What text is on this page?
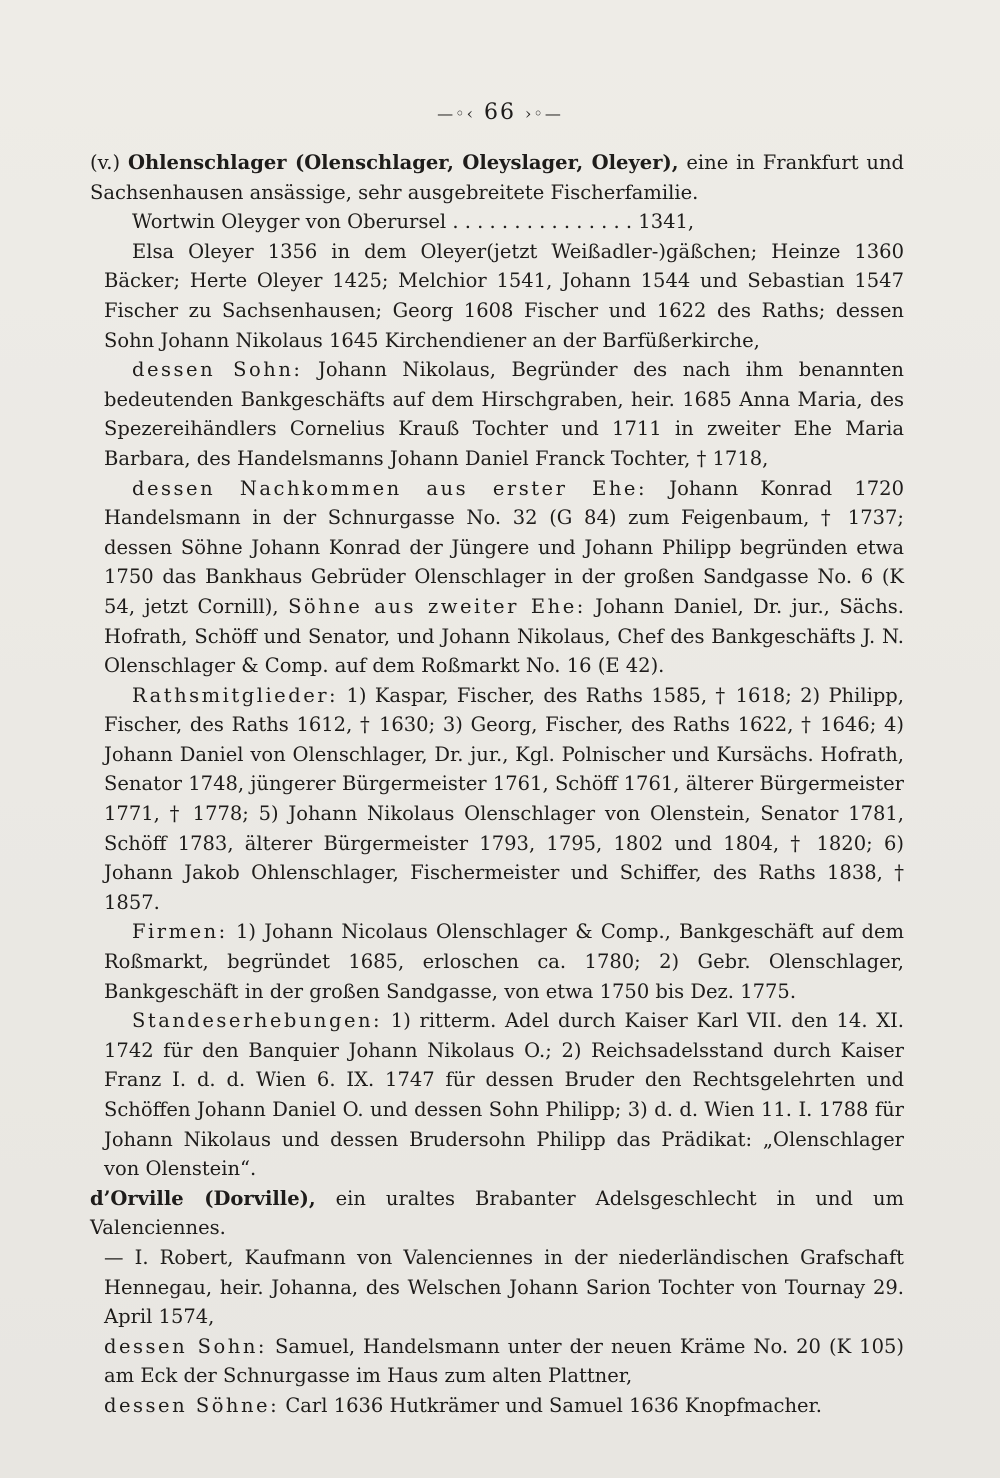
—◦‹ 66 ›◦—

(v.) Ohlenschlager (Olenschlager, Oleyslager, Oleyer), eine in Frankfurt und Sachsenhausen ansässige, sehr ausgebreitete Fischerfamilie.

Wortwin Oleyger von Oberursel . . . . . . . . . . . . . . . 1341,

Elsa Oleyer 1356 in dem Oleyer(jetzt Weißadler-)gäßchen; Heinze 1360 Bäcker; Herte Oleyer 1425; Melchior 1541, Johann 1544 und Sebastian 1547 Fischer zu Sachsenhausen; Georg 1608 Fischer und 1622 des Raths; dessen Sohn Johann Nikolaus 1645 Kirchendiener an der Barfüßerkirche,

dessen Sohn: Johann Nikolaus, Begründer des nach ihm benannten bedeutenden Bankgeschäfts auf dem Hirschgraben, heir. 1685 Anna Maria, des Spezereihändlers Cornelius Krauß Tochter und 1711 in zweiter Ehe Maria Barbara, des Handelsmanns Johann Daniel Franck Tochter, † 1718,

dessen Nachkommen aus erster Ehe: Johann Konrad 1720 Handelsmann in der Schnurgasse No. 32 (G 84) zum Feigenbaum, † 1737; dessen Söhne Johann Konrad der Jüngere und Johann Philipp begründen etwa 1750 das Bankhaus Gebrüder Olenschlager in der großen Sandgasse No. 6 (K 54, jetzt Cornill), Söhne aus zweiter Ehe: Johann Daniel, Dr. jur., Sächs. Hofrath, Schöff und Senator, und Johann Nikolaus, Chef des Bankgeschäfts J. N. Olenschlager & Comp. auf dem Roßmarkt No. 16 (E 42).

Rathsmitglieder: 1) Kaspar, Fischer, des Raths 1585, † 1618; 2) Philipp, Fischer, des Raths 1612, † 1630; 3) Georg, Fischer, des Raths 1622, † 1646; 4) Johann Daniel von Olenschlager, Dr. jur., Kgl. Polnischer und Kursächs. Hofrath, Senator 1748, jüngerer Bürgermeister 1761, Schöff 1761, älterer Bürgermeister 1771, † 1778; 5) Johann Nikolaus Olenschlager von Olenstein, Senator 1781, Schöff 1783, älterer Bürgermeister 1793, 1795, 1802 und 1804, † 1820; 6) Johann Jakob Ohlenschlager, Fischermeister und Schiffer, des Raths 1838, † 1857.

Firmen: 1) Johann Nicolaus Olenschlager & Comp., Bankgeschäft auf dem Roßmarkt, begründet 1685, erloschen ca. 1780; 2) Gebr. Olenschlager, Bankgeschäft in der großen Sandgasse, von etwa 1750 bis Dez. 1775.

Standeserhebungen: 1) ritterm. Adel durch Kaiser Karl VII. den 14. XI. 1742 für den Banquier Johann Nikolaus O.; 2) Reichsadelsstand durch Kaiser Franz I. d. d. Wien 6. IX. 1747 für dessen Bruder den Rechtsgelehrten und Schöffen Johann Daniel O. und dessen Sohn Philipp; 3) d. d. Wien 11. I. 1788 für Johann Nikolaus und dessen Brudersohn Philipp das Prädikat: „Olenschlager von Olenstein“.

d’Orville (Dorville), ein uraltes Brabanter Adelsgeschlecht in und um Valenciennes.

— I. Robert, Kaufmann von Valenciennes in der niederländischen Grafschaft Hennegau, heir. Johanna, des Welschen Johann Sarion Tochter von Tournay 29. April 1574,

dessen Sohn: Samuel, Handelsmann unter der neuen Kräme No. 20 (K 105) am Eck der Schnurgasse im Haus zum alten Plattner,

dessen Söhne: Carl 1636 Hutkrämer und Samuel 1636 Knopfmacher.
